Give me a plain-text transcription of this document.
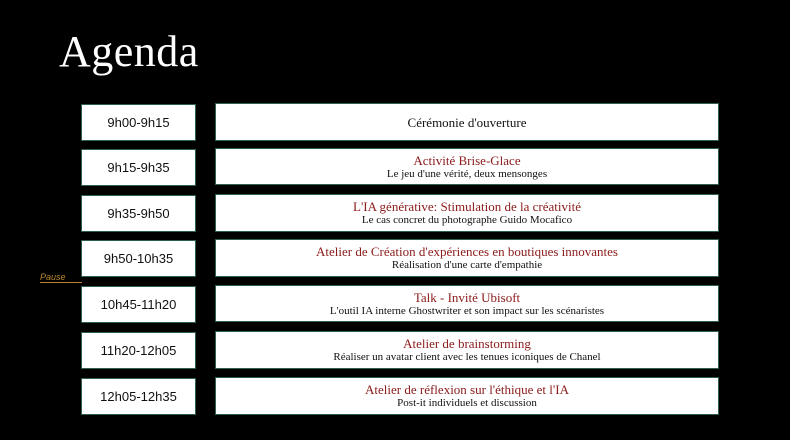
Agenda
9h00-9h15	Cérémonie d'ouverture
9h15-9h35	Activité Brise-Glace
Le jeu d'une vérité, deux mensonges
9h35-9h50	L'IA générative: Stimulation de la créativité
Le cas concret du photographe Guido Mocafico
9h50-10h35	Atelier de Création d'expériences en boutiques innovantes
Réalisation d'une carte d'empathie
Pause
10h45-11h20	Talk - Invité Ubisoft
L'outil IA interne Ghostwriter et son impact sur les scénaristes
11h20-12h05	Atelier de brainstorming
Réaliser un avatar client avec les tenues iconiques de Chanel
12h05-12h35	Atelier de réflexion sur l'éthique et l'IA
Post-it individuels et discussion
